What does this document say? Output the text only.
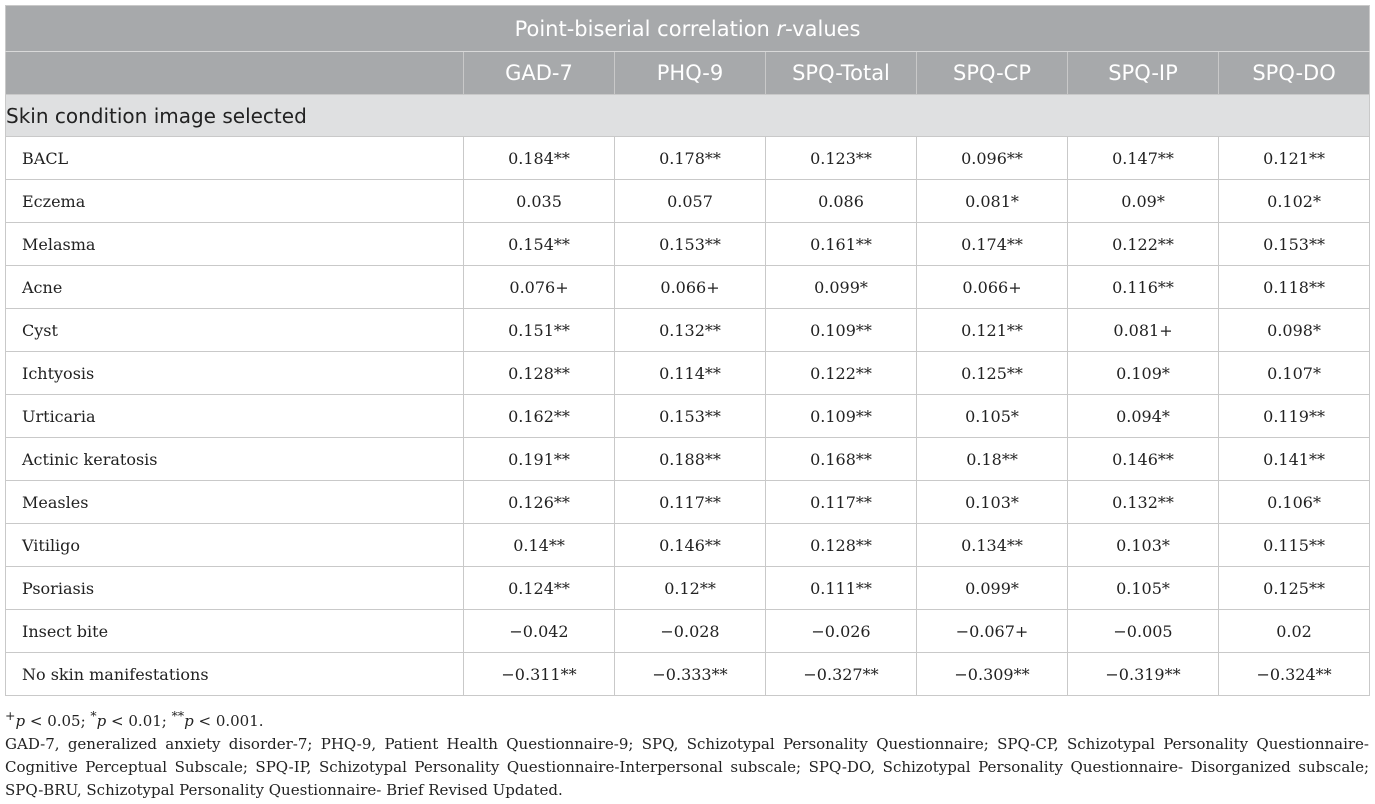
Point-biserial correlation r-values						
	GAD-7	PHQ-9	SPQ-Total	SPQ-CP	SPQ-IP	SPQ-DO
Skin condition image selected						
BACL	0.184**	0.178**	0.123**	0.096**	0.147**	0.121**
Eczema	0.035	0.057	0.086	0.081*	0.09*	0.102*
Melasma	0.154**	0.153**	0.161**	0.174**	0.122**	0.153**
Acne	0.076+	0.066+	0.099*	0.066+	0.116**	0.118**
Cyst	0.151**	0.132**	0.109**	0.121**	0.081+	0.098*
Ichtyosis	0.128**	0.114**	0.122**	0.125**	0.109*	0.107*
Urticaria	0.162**	0.153**	0.109**	0.105*	0.094*	0.119**
Actinic keratosis	0.191**	0.188**	0.168**	0.18**	0.146**	0.141**
Measles	0.126**	0.117**	0.117**	0.103*	0.132**	0.106*
Vitiligo	0.14**	0.146**	0.128**	0.134**	0.103*	0.115**
Psoriasis	0.124**	0.12**	0.111**	0.099*	0.105*	0.125**
Insect bite	−0.042	−0.028	−0.026	−0.067+	−0.005	0.02
No skin manifestations	−0.311**	−0.333**	−0.327**	−0.309**	−0.319**	−0.324**

+p < 0.05; *p < 0.01; **p < 0.001.

GAD-7, generalized anxiety disorder-7; PHQ-9, Patient Health Questionnaire-9; SPQ, Schizotypal Personality Questionnaire; SPQ-CP, Schizotypal Personality Questionnaire-Cognitive Perceptual Subscale; SPQ-IP, Schizotypal Personality Questionnaire-Interpersonal subscale; SPQ-DO, Schizotypal Personality Questionnaire- Disorganized subscale; SPQ-BRU, Schizotypal Personality Questionnaire- Brief Revised Updated.
